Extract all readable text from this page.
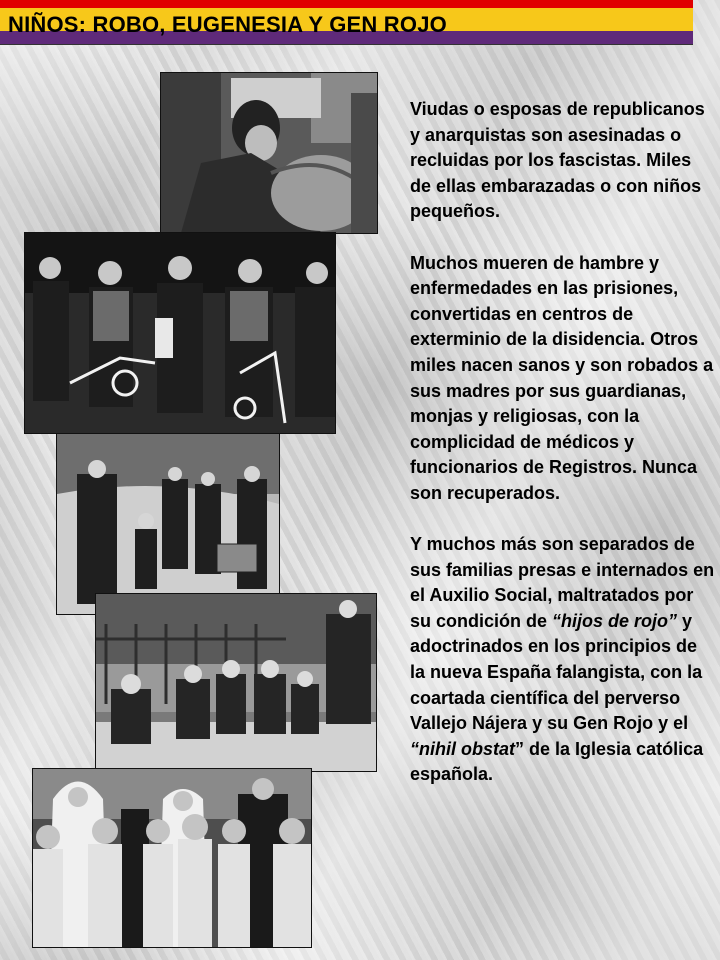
NIÑOS: ROBO, EUGENESIA Y GEN ROJO

Viudas o esposas de republicanos y anarquistas son asesinadas o recluidas por los fascistas. Miles de ellas embarazadas o con niños pequeños.

Muchos mueren de hambre y enfermedades en las prisiones, convertidas en centros de exterminio de la disidencia. Otros miles nacen sanos y son robados a sus madres por sus guardianas, monjas y religiosas, con la complicidad de médicos y funcionarios de Registros. Nunca son recuperados.

Y muchos más son separados de sus familias presas e internados en el Auxilio Social, maltratados por su condición de “hijos de rojo” y adoctrinados en los principios de la nueva España falangista, con la coartada científica del perverso Vallejo Nájera y su Gen Rojo y el “nihil obstat” de la Iglesia católica española.
